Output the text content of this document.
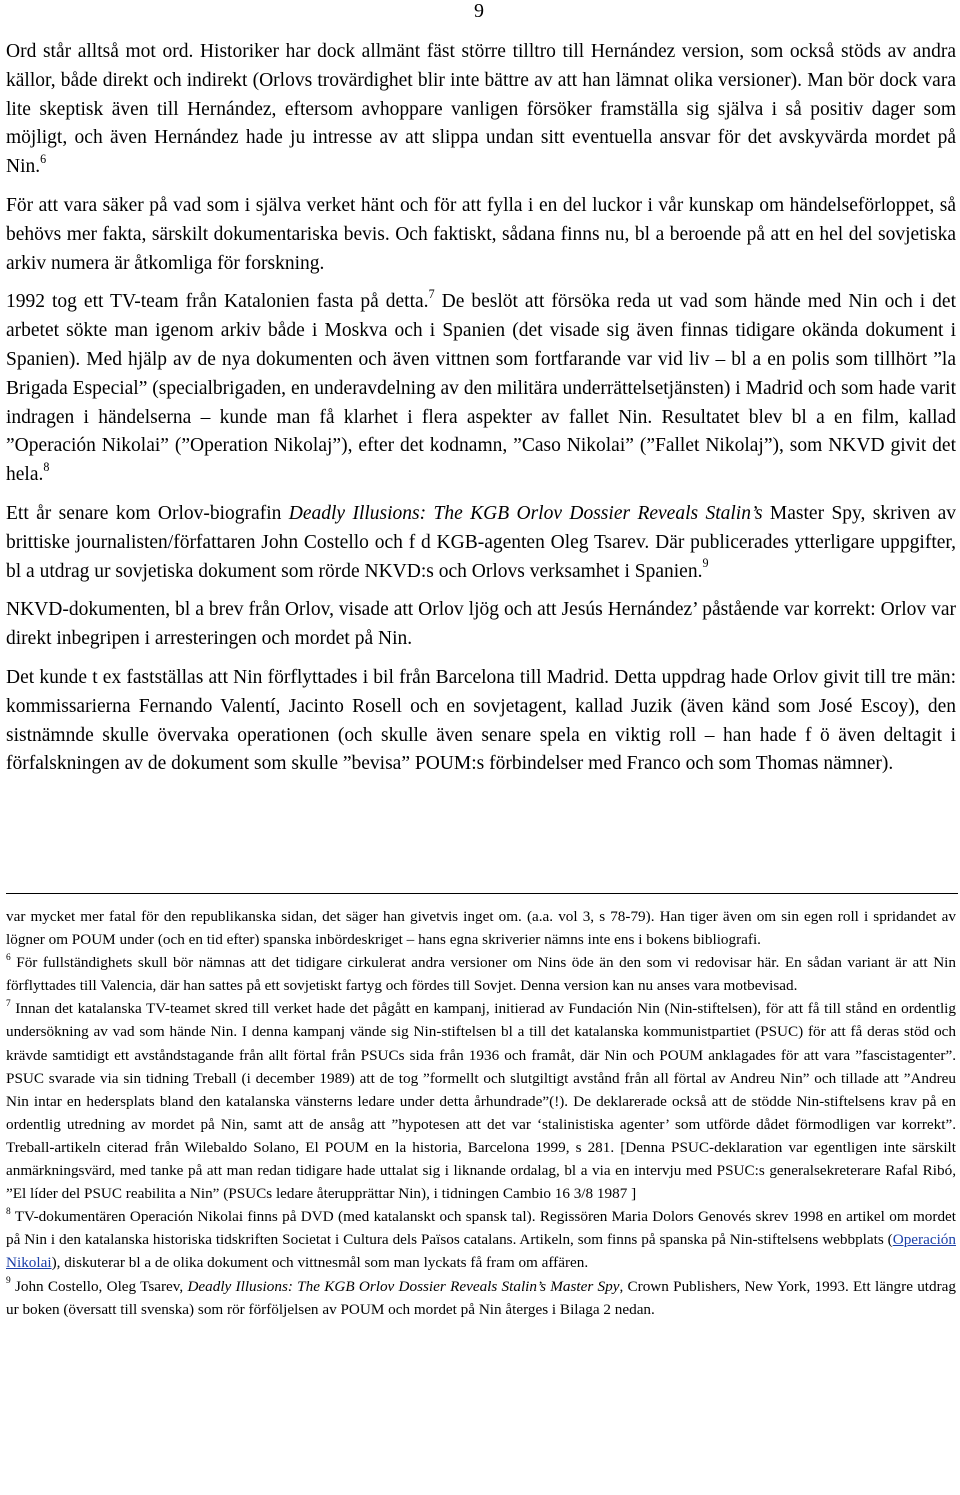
9

Ord står alltså mot ord. Historiker har dock allmänt fäst större tilltro till Hernández version, som också stöds av andra källor, både direkt och indirekt (Orlovs trovärdighet blir inte bättre av att han lämnat olika versioner). Man bör dock vara lite skeptisk även till Hernández, eftersom avhoppare vanligen försöker framställa sig själva i så positiv dager som möjligt, och även Hernández hade ju intresse av att slippa undan sitt eventuella ansvar för det avskyvärda mordet på Nin.$^6$

För att vara säker på vad som i själva verket hänt och för att fylla i en del luckor i vår kunskap om händelseförloppet, så behövs mer fakta, särskilt dokumentariska bevis. Och faktiskt, sådana finns nu, bl a beroende på att en hel del sovjetiska arkiv numera är åtkomliga för forskning.

1992 tog ett TV-team från Katalonien fasta på detta.$^7$ De beslöt att försöka reda ut vad som hände med Nin och i det arbetet sökte man igenom arkiv både i Moskva och i Spanien (det visade sig även finnas tidigare okända dokument i Spanien). Med hjälp av de nya dokumenten och även vittnen som fortfarande var vid liv – bl a en polis som tillhört ”la Brigada Especial” (specialbrigaden, en underavdelning av den militära underrättelsetjänsten) i Madrid och som hade varit indragen i händelserna – kunde man få klarhet i flera aspekter av fallet Nin. Resultatet blev bl a en film, kallad ”Operación Nikolai” (”Operation Nikolaj”), efter det kodnamn, ”Caso Nikolai” (”Fallet Nikolaj”), som NKVD givit det hela.$^8$

Ett år senare kom Orlov-biografin Deadly Illusions: The KGB Orlov Dossier Reveals Stalin’s Master Spy, skriven av brittiske journalisten/författaren John Costello och f d KGB-agenten Oleg Tsarev. Där publicerades ytterligare uppgifter, bl a utdrag ur sovjetiska dokument som rörde NKVD:s och Orlovs verksamhet i Spanien.$^9$

NKVD-dokumenten, bl a brev från Orlov, visade att Orlov ljög och att Jesús Hernández’ påstående var korrekt: Orlov var direkt inbegripen i arresteringen och mordet på Nin.

Det kunde t ex fastställas att Nin förflyttades i bil från Barcelona till Madrid. Detta uppdrag hade Orlov givit till tre män: kommissarierna Fernando Valentí, Jacinto Rosell och en sovjetagent, kallad Juzik (även känd som José Escoy), den sistnämnde skulle övervaka operationen (och skulle även senare spela en viktig roll – han hade f ö även deltagit i förfalskningen av de dokument som skulle ”bevisa” POUM:s förbindelser med Franco och som Thomas nämner).

var mycket mer fatal för den republikanska sidan, det säger han givetvis inget om. (a.a. vol 3, s 78-79). Han tiger även om sin egen roll i spridandet av lögner om POUM under (och en tid efter) spanska inbördeskriget – hans egna skriverier nämns inte ens i bokens bibliografi.

$^6$ För fullständighets skull bör nämnas att det tidigare cirkulerat andra versioner om Nins öde än den som vi redovisar här. En sådan variant är att Nin förflyttades till Valencia, där han sattes på ett sovjetiskt fartyg och fördes till Sovjet. Denna version kan nu anses vara motbevisad.

$^7$ Innan det katalanska TV-teamet skred till verket hade det pågått en kampanj, initierad av Fundación Nin (Nin-stiftelsen), för att få till stånd en ordentlig undersökning av vad som hände Nin. I denna kampanj vände sig Nin-stiftelsen bl a till det katalanska kommunistpartiet (PSUC) för att få deras stöd och krävde samtidigt ett avståndstagande från allt förtal från PSUCs sida från 1936 och framåt, där Nin och POUM anklagades för att vara ”fascistagenter”. PSUC svarade via sin tidning Treball (i december 1989) att de tog ”formellt och slutgiltigt avstånd från all förtal av Andreu Nin” och tillade att ”Andreu Nin intar en hedersplats bland den katalanska vänsterns ledare under detta århundrade”(!). De deklarerade också att de stödde Nin-stiftelsens krav på en ordentlig utredning av mordet på Nin, samt att de ansåg att ”hypotesen att det var ‘stalinistiska agenter’ som utförde dådet förmodligen var korrekt”. Treball-artikeln citerad från Wilebaldo Solano, El POUM en la historia, Barcelona 1999, s 281. [Denna PSUC-deklaration var egentligen inte särskilt anmärkningsvärd, med tanke på att man redan tidigare hade uttalat sig i liknande ordalag, bl a via en intervju med PSUC:s generalsekreterare Rafal Ribó, ”El líder del PSUC reabilita a Nin” (PSUCs ledare återupprättar Nin), i tidningen Cambio 16 3/8 1987 ]

$^8$ TV-dokumentären Operación Nikolai finns på DVD (med katalanskt och spansk tal). Regissören Maria Dolors Genovés skrev 1998 en artikel om mordet på Nin i den katalanska historiska tidskriften Societat i Cultura dels Països catalans. Artikeln, som finns på spanska på Nin-stiftelsens webbplats (Operación Nikolai), diskuterar bl a de olika dokument och vittnesmål som man lyckats få fram om affären.

$^9$ John Costello, Oleg Tsarev, Deadly Illusions: The KGB Orlov Dossier Reveals Stalin’s Master Spy, Crown Publishers, New York, 1993. Ett längre utdrag ur boken (översatt till svenska) som rör förföljelsen av POUM och mordet på Nin återges i Bilaga 2 nedan.
